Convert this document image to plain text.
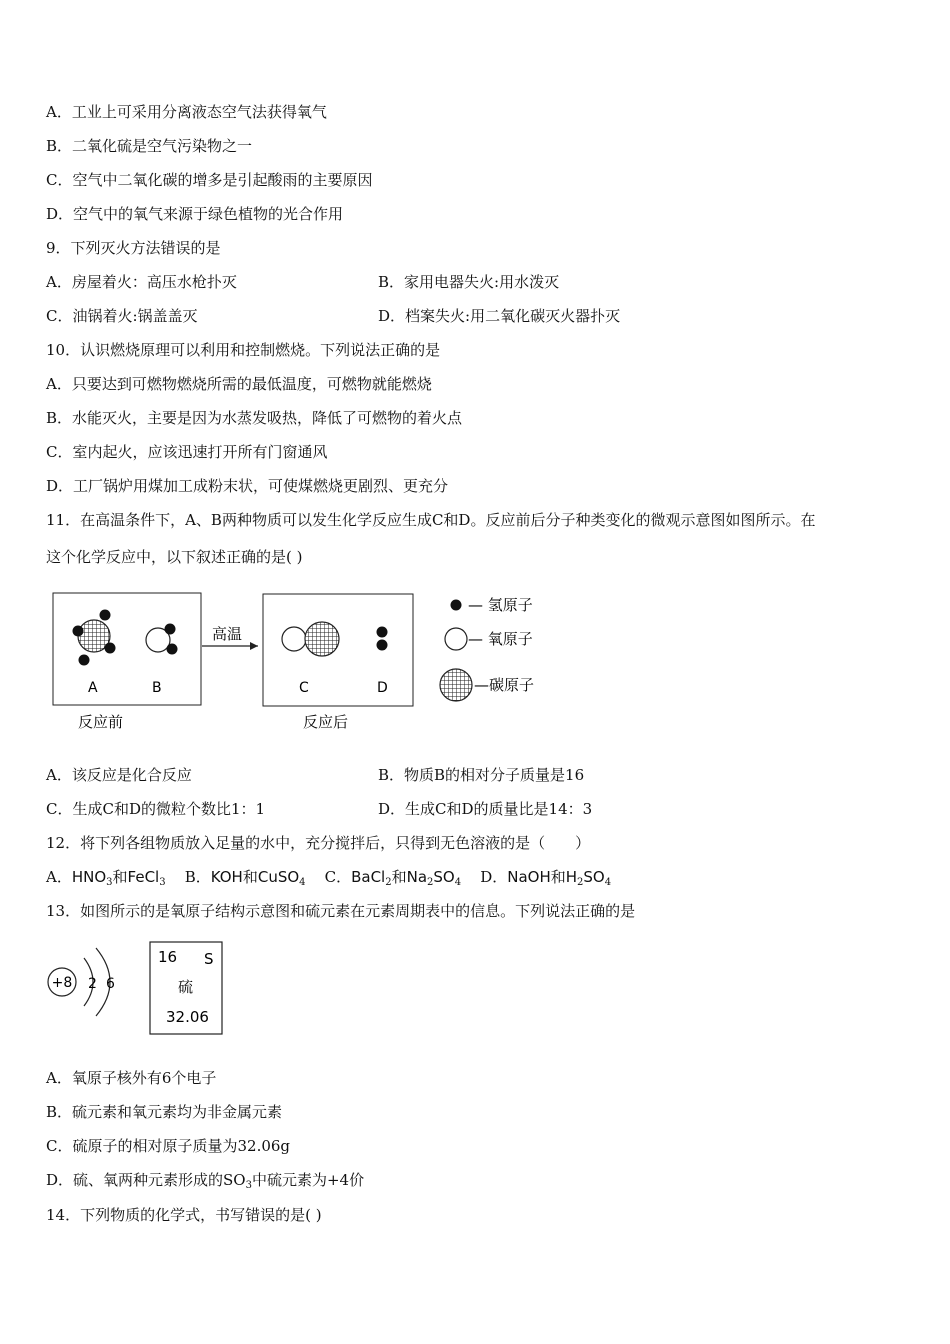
A．工业上可采用分离液态空气法获得氧气
B．二氧化硫是空气污染物之一
C．空气中二氧化碳的增多是引起酸雨的主要原因
D．空气中的氧气来源于绿色植物的光合作用
9．下列灭火方法错误的是
A．房屋着火：高压水枪扑灭	B．家用电器失火:用水泼灭
C．油锅着火:锅盖盖灭	D．档案失火:用二氧化碳灭火器扑灭
10．认识燃烧原理可以利用和控制燃烧。下列说法正确的是
A．只要达到可燃物燃烧所需的最低温度，可燃物就能燃烧
B．水能灭火，主要是因为水蒸发吸热，降低了可燃物的着火点
C．室内起火，应该迅速打开所有门窗通风
D．工厂锅炉用煤加工成粉末状，可使煤燃烧更剧烈、更充分
11．在高温条件下，A、B两种物质可以发生化学反应生成C和D。反应前后分子种类变化的微观示意图如图所示。在
这个化学反应中，以下叙述正确的是( )
A	B
高温
C	D
反应前	反应后
— 氢原子
— 氧原子
—碳原子
A．该反应是化合反应	B．物质B的相对分子质量是16
C．生成C和D的微粒个数比1：1	D．生成C和D的质量比是14：3
12．将下列各组物质放入足量的水中，充分搅拌后，只得到无色溶液的是（　　）
A．$HNO_3$和FeCl$_3$ B．KOH和CuSO$_4$ C．BaCl$_2$和$Na_2SO_4$ D．NaOH和$H_2SO_4$
13．如图所示的是氧原子结构示意图和硫元素在元素周期表中的信息。下列说法正确的是
+8 2 6
16 S
硫
32.06
A．氧原子核外有6个电子
B．硫元素和氧元素均为非金属元素
C．硫原子的相对原子质量为32.06g
D．硫、氧两种元素形成的$SO_3$中硫元素为+4价
14．下列物质的化学式，书写错误的是( )
